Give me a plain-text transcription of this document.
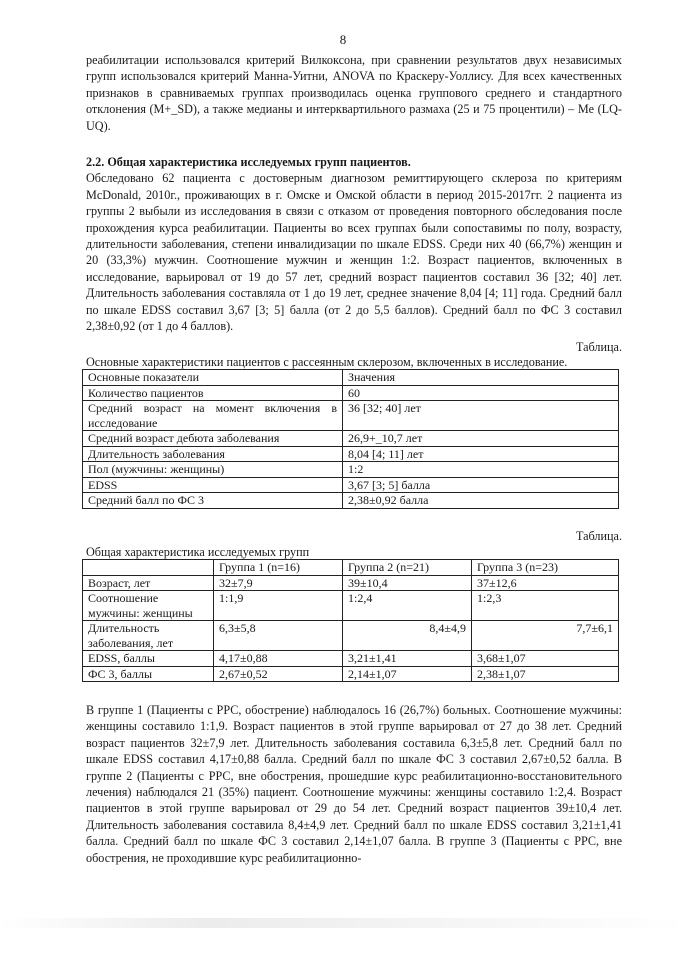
8

реабилитации использовался критерий Вилкоксона, при сравнении результатов двух независимых групп использовался критерий Манна-Уитни, ANOVA по Краскеру-Уоллису. Для всех качественных признаков в сравниваемых группах производилась оценка группового среднего и стандартного отклонения (M+_SD), а также медианы и интерквартильного размаха (25 и 75 процентили) – Me (LQ-UQ).

2.2. Общая характеристика исследуемых групп пациентов.

Обследовано 62 пациента с достоверным диагнозом ремиттирующего склероза по критериям McDonald, 2010г., проживающих в г. Омске и Омской области в период 2015-2017гг. 2 пациента из группы 2 выбыли из исследования в связи с отказом от проведения повторного обследования после прохождения курса реабилитации. Пациенты во всех группах были сопоставимы по полу, возрасту, длительности заболевания, степени инвалидизации по шкале EDSS. Среди них 40 (66,7%) женщин и 20 (33,3%) мужчин. Соотношение мужчин и женщин 1:2. Возраст пациентов, включенных в исследование, варьировал от 19 до 57 лет, средний возраст пациентов составил 36 [32; 40] лет. Длительность заболевания составляла от 1 до 19 лет, среднее значение 8,04 [4; 11] года. Средний балл по шкале EDSS составил 3,67 [3; 5] балла (от 2 до 5,5 баллов). Средний балл по ФС 3 составил 2,38±0,92 (от 1 до 4 баллов).

Таблица.
Основные характеристики пациентов с рассеянным склерозом, включенных в исследование.
Основные показатели	Значения
Количество пациентов	60
Средний возраст на момент включения в исследование	36 [32; 40] лет
Средний возраст дебюта заболевания	26,9+_10,7 лет
Длительность заболевания	8,04 [4; 11] лет
Пол (мужчины: женщины)	1:2
EDSS	3,67 [3; 5] балла
Средний балл по ФС 3	2,38±0,92 балла
Таблица.
Общая характеристика исследуемых групп
	Группа 1 (n=16)	Группа 2 (n=21)	Группа 3 (n=23)
Возраст, лет	32±7,9	39±10,4	37±12,6
Соотношение мужчины: женщины	1:1,9	1:2,4	1:2,3
Длительность заболевания, лет	6,3±5,8	8,4±4,9	7,7±6,1
EDSS, баллы	4,17±0,88	3,21±1,41	3,68±1,07
ФС 3, баллы	2,67±0,52	2,14±1,07	2,38±1,07

В группе 1 (Пациенты с РРС, обострение) наблюдалось 16 (26,7%) больных. Соотношение мужчины: женщины составило 1:1,9. Возраст пациентов в этой группе варьировал от 27 до 38 лет. Средний возраст пациентов 32±7,9 лет. Длительность заболевания составила 6,3±5,8 лет. Средний балл по шкале EDSS составил 4,17±0,88 балла. Средний балл по шкале ФС 3 составил 2,67±0,52 балла. В группе 2 (Пациенты с РРС, вне обострения, прошедшие курс реабилитационно-восстановительного лечения) наблюдался 21 (35%) пациент. Соотношение мужчины: женщины составило 1:2,4. Возраст пациентов в этой группе варьировал от 29 до 54 лет. Средний возраст пациентов 39±10,4 лет. Длительность заболевания составила 8,4±4,9 лет. Средний балл по шкале EDSS составил 3,21±1,41 балла. Средний балл по шкале ФС 3 составил 2,14±1,07 балла. В группе 3 (Пациенты с РРС, вне обострения, не проходившие курс реабилитационно-
